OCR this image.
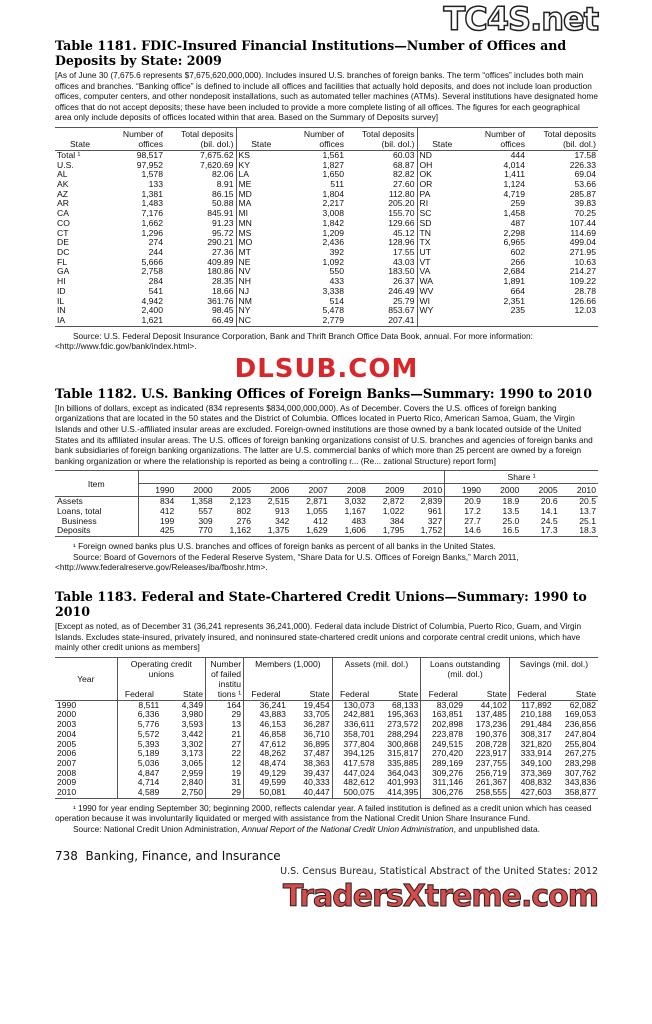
TC4S.net
Table 1181. FDIC-Insured Financial Institutions—Number of Offices and Deposits by State: 2009

[As of June 30 (7,675.6 represents $7,675,620,000,000). Includes insured U.S. branches of foreign banks. The term “offices” includes both main offices and branches. “Banking office” is defined to include all offices and facilities that actually hold deposits, and does not include loan production offices, computer centers, and other nondeposit installations, such as automated teller machines (ATMs). Several institutions have designated home offices that do not accept deposits; these have been included to provide a more complete listing of all offices. The figures for each geographical area only include deposits of offices located within that area. Based on the Summary of Deposits survey]

State	Number of offices	Total deposits (bil. dol.)	State	Number of offices	Total deposits (bil. dol.)	State	Number of offices	Total deposits (bil. dol.)
Total ¹	98,517	7,675.62	KS	1,561	60.03	ND	444	17.58
U.S.	97,952	7,620.69	KY	1,827	68.87	OH	4,014	226.33
AL	1,578	82.06	LA	1,650	82.82	OK	1,411	69.04
AK	133	8.91	ME	511	27.60	OR	1,124	53.66
AZ	1,381	86.15	MD	1,804	112.80	PA	4,719	285.87
AR	1,483	50.88	MA	2,217	205.20	RI	259	39.83
CA	7,176	845.91	MI	3,008	155.70	SC	1,458	70.25
CO	1,662	91.23	MN	1,842	129.66	SD	487	107.44
CT	1,296	95.72	MS	1,209	45.12	TN	2,298	114.69
DE	274	290.21	MO	2,436	128.96	TX	6,965	499.04
DC	244	27.36	MT	392	17.55	UT	602	271.95
FL	5,666	409.89	NE	1,092	43.03	VT	266	10.63
GA	2,758	180.86	NV	550	183.50	VA	2,684	214.27
HI	284	28.35	NH	433	26.37	WA	1,891	109.22
ID	541	18.66	NJ	3,338	246.49	WV	664	28.78
IL	4,942	361.76	NM	514	25.79	WI	2,351	126.66
IN	2,400	98.45	NY	5,478	853.67	WY	235	12.03
IA	1,621	66.49	NC	2,779	207.41			

Source: U.S. Federal Deposit Insurance Corporation, Bank and Thrift Branch Office Data Book, annual. For more information: <http://www.fdic.gov/bank/index.html>.

DLSUB.COM
Table 1182. U.S. Banking Offices of Foreign Banks—Summary: 1990 to 2010

[In billions of dollars, except as indicated (834 represents $834,000,000,000). As of December. Covers the U.S. offices of foreign banking organizations that are located in the 50 states and the District of Columbia. Offices located in Puerto Rico, American Samoa, Guam, the Virgin Islands and other U.S.-affiliated insular areas are excluded. Foreign-owned institutions are those owned by a bank located outside of the United States and its affiliated insular areas. The U.S. offices of foreign banking organizations consist of U.S. branches and agencies of foreign banks and bank subsidiaries of foreign banking organizations. The latter are U.S. commercial banks of which more than 25 percent are owned by a foreign banking organization or where the relationship is reported as being a controlling r... (Re... zational Structure) report form]

Item									Share ¹			
	1990	2000	2005	2006	2007	2008	2009	2010	1990	2000	2005	2010
Assets	834	1,358	2,123	2,515	2,871	3,032	2,872	2,839	20.9	18.9	20.6	20.5
Loans, total	412	557	802	913	1,055	1,167	1,022	961	17.2	13.5	14.1	13.7
Business	199	309	276	342	412	483	384	327	27.7	25.0	24.5	25.1
Deposits	425	770	1,162	1,375	1,629	1,606	1,795	1,752	14.6	16.5	17.3	18.3

¹ Foreign owned banks plus U.S. branches and offices of foreign banks as percent of all banks in the United States.

Source: Board of Governors of the Federal Reserve System, “Share Data for U.S. Offices of Foreign Banks,” March 2011, <http://www.federalreserve.gov/Releases/iba/fboshr.htm>.

Table 1183. Federal and State-Chartered Credit Unions—Summary: 1990 to 2010

[Except as noted, as of December 31 (36,241 represents 36,241,000). Federal data include District of Columbia, Puerto Rico, Guam, and Virgin Islands. Excludes state-insured, privately insured, and noninsured state-chartered credit unions and corporate central credit unions, which have mainly other credit unions as members]

Year	Operating credit unions		Number of failed institu tions ¹	Members (1,000)		Assets (mil. dol.)		Loans outstanding (mil. dol.)		Savings (mil. dol.)	
	Federal	State		Federal	State	Federal	State	Federal	State	Federal	State
1990	8,511	4,349	164	36,241	19,454	130,073	68,133	83,029	44,102	117,892	62,082
2000	6,336	3,980	29	43,883	33,705	242,881	195,363	163,851	137,485	210,188	169,053
2003	5,776	3,593	13	46,153	36,287	336,611	273,572	202,898	173,236	291,484	236,856
2004	5,572	3,442	21	46,858	36,710	358,701	288,294	223,878	190,376	308,317	247,804
2005	5,393	3,302	27	47,612	36,895	377,804	300,868	249,515	208,728	321,820	255,804
2006	5,189	3,173	22	48,262	37,487	394,125	315,817	270,420	223,917	333,914	267,275
2007	5,036	3,065	12	48,474	38,363	417,578	335,885	289,169	237,755	349,100	283,298
2008	4,847	2,959	19	49,129	39,437	447,024	364,043	309,276	256,719	373,369	307,762
2009	4,714	2,840	31	49,599	40,333	482,612	401,993	311,146	261,367	408,832	343,836
2010	4,589	2,750	29	50,081	40,447	500,075	414,395	306,276	258,555	427,603	358,877

¹ 1990 for year ending September 30; beginning 2000, reflects calendar year. A failed institution is defined as a credit union which has ceased operation because it was involuntarily liquidated or merged with assistance from the National Credit Union Share Insurance Fund.

Source: National Credit Union Administration, Annual Report of the National Credit Union Administration, and unpublished data.

738 Banking, Finance, and Insurance
U.S. Census Bureau, Statistical Abstract of the United States: 2012
TradersXtreme.com
